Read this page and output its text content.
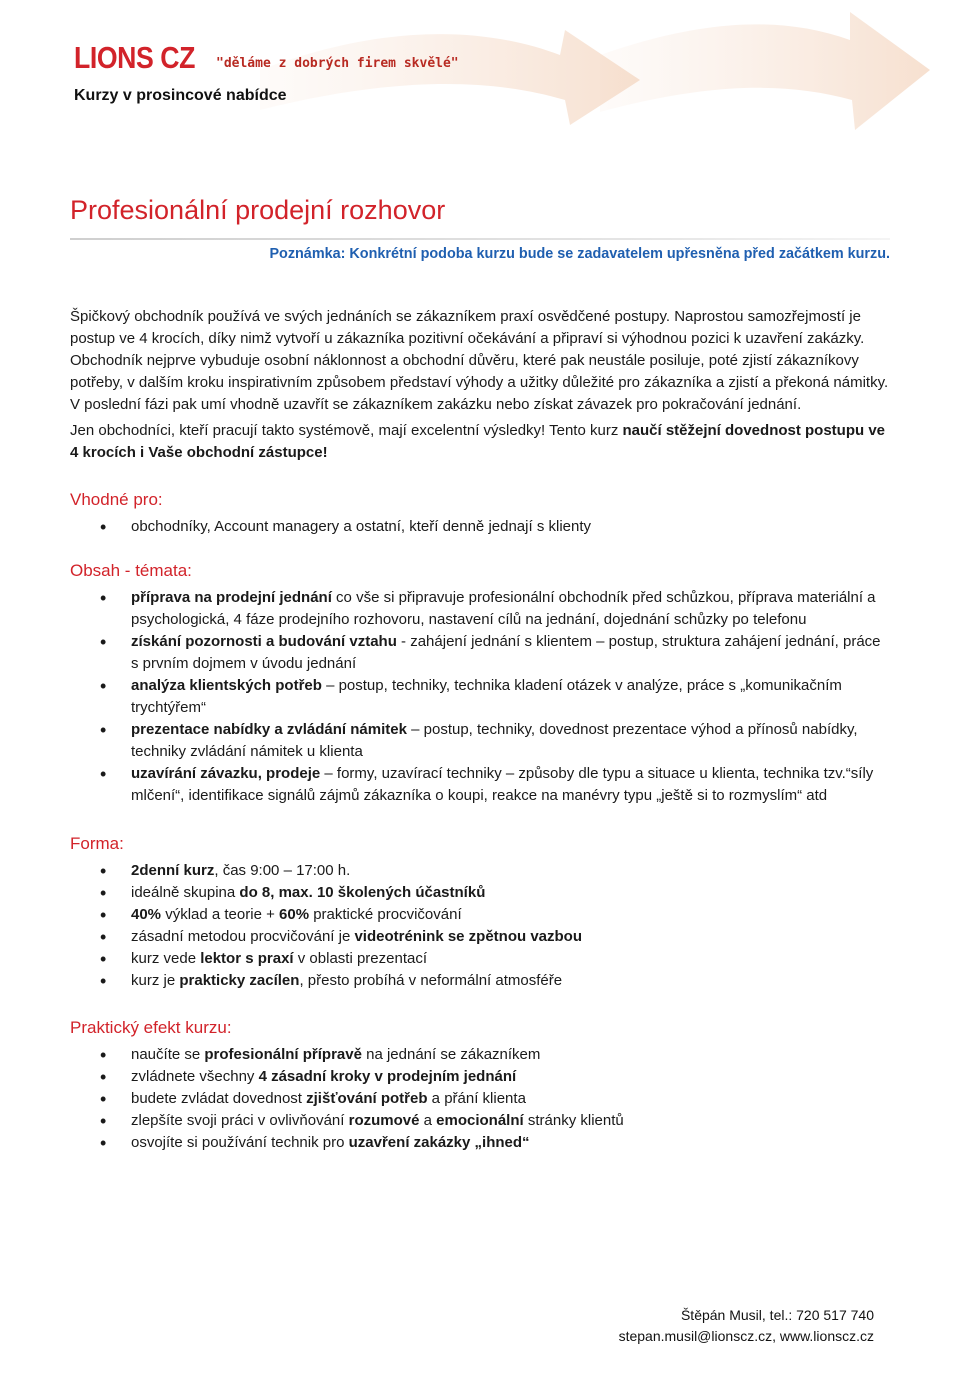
LIONS CZ "děláme z dobrých firem skvělé"
Kurzy v prosincové nabídce
Profesionální prodejní rozhovor
Poznámka: Konkrétní podoba kurzu bude se zadavatelem upřesněna před začátkem kurzu.

Špičkový obchodník používá ve svých jednáních se zákazníkem praxí osvědčené postupy. Naprostou samozřejmostí je postup ve 4 krocích, díky nimž vytvoří u zákazníka pozitivní očekávání a připraví si výhodnou pozici k uzavření zakázky. Obchodník nejprve vybuduje osobní náklonnost a obchodní důvěru, které pak neustále posiluje, poté zjistí zákazníkovy potřeby, v dalším kroku inspirativním způsobem představí výhody a užitky důležité pro zákazníka a zjistí a překoná námitky. V poslední fázi pak umí vhodně uzavřít se zákazníkem zakázku nebo získat závazek pro pokračování jednání.

Jen obchodníci, kteří pracují takto systémově, mají excelentní výsledky! Tento kurz naučí stěžejní dovednost postupu ve 4 krocích i Vaše obchodní zástupce!

Vhodné pro:
• obchodníky, Account managery a ostatní, kteří denně jednají s klienty
Obsah - témata:
• příprava na prodejní jednání co vše si připravuje profesionální obchodník před schůzkou, příprava materiální a psychologická, 4 fáze prodejního rozhovoru, nastavení cílů na jednání, dojednání schůzky po telefonu
• získání pozornosti a budování vztahu - zahájení jednání s klientem – postup, struktura zahájení jednání, práce s prvním dojmem v úvodu jednání
• analýza klientských potřeb – postup, techniky, technika kladení otázek v analýze, práce s „komunikačním trychtýřem“
• prezentace nabídky a zvládání námitek – postup, techniky, dovednost prezentace výhod a přínosů nabídky, techniky zvládání námitek u klienta
• uzavírání závazku, prodeje – formy, uzavírací techniky – způsoby dle typu a situace u klienta, technika tzv.“síly mlčení“, identifikace signálů zájmů zákazníka o koupi, reakce na manévry typu „ještě si to rozmyslím“ atd
Forma:
• 2denní kurz, čas 9:00 – 17:00 h.
• ideálně skupina do 8, max. 10 školených účastníků
• 40% výklad a teorie + 60% praktické procvičování
• zásadní metodou procvičování je videotrénink se zpětnou vazbou
• kurz vede lektor s praxí v oblasti prezentací
• kurz je prakticky zacílen, přesto probíhá v neformální atmosféře
Praktický efekt kurzu:
• naučíte se profesionální přípravě na jednání se zákazníkem
• zvládnete všechny 4 zásadní kroky v prodejním jednání
• budete zvládat dovednost zjišťování potřeb a přání klienta
• zlepšíte svoji práci v ovlivňování rozumové a emocionální stránky klientů
• osvojíte si používání technik pro uzavření zakázky „ihned“
Štěpán Musil, tel.: 720 517 740
stepan.musil@lionscz.cz, www.lionscz.cz
